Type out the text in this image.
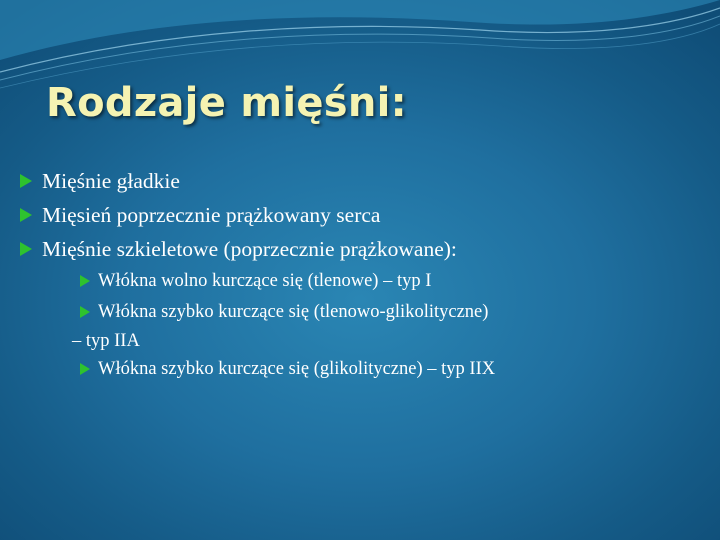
Rodzaje mięśni:
Mięśnie gładkie
Mięsień poprzecznie prążkowany serca
Mięśnie szkieletowe (poprzecznie prążkowane):
Włókna wolno kurczące się (tlenowe) – typ I
Włókna szybko kurczące się (tlenowo-glikolityczne)
– typ IIA
Włókna szybko kurczące się (glikolityczne) – typ IIX
